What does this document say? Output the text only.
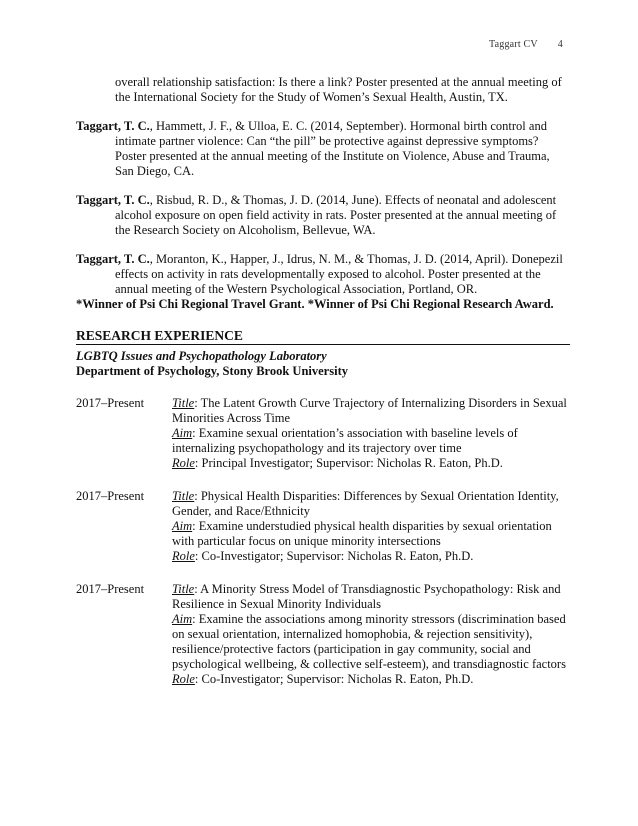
Taggart CV 4
overall relationship satisfaction: Is there a link? Poster presented at the annual meeting of the International Society for the Study of Women’s Sexual Health, Austin, TX.
Taggart, T. C., Hammett, J. F., & Ulloa, E. C. (2014, September). Hormonal birth control and intimate partner violence: Can “the pill” be protective against depressive symptoms? Poster presented at the annual meeting of the Institute on Violence, Abuse and Trauma, San Diego, CA.
Taggart, T. C., Risbud, R. D., & Thomas, J. D. (2014, June). Effects of neonatal and adolescent alcohol exposure on open field activity in rats. Poster presented at the annual meeting of the Research Society on Alcoholism, Bellevue, WA.
Taggart, T. C., Moranton, K., Happer, J., Idrus, N. M., & Thomas, J. D. (2014, April). Donepezil effects on activity in rats developmentally exposed to alcohol. Poster presented at the annual meeting of the Western Psychological Association, Portland, OR.
*Winner of Psi Chi Regional Travel Grant. *Winner of Psi Chi Regional Research Award.
RESEARCH EXPERIENCE
LGBTQ Issues and Psychopathology Laboratory
Department of Psychology, Stony Brook University
2017–Present	Title: The Latent Growth Curve Trajectory of Internalizing Disorders in Sexual Minorities Across Time
Aim: Examine sexual orientation’s association with baseline levels of internalizing psychopathology and its trajectory over time
Role: Principal Investigator; Supervisor: Nicholas R. Eaton, Ph.D.
2017–Present	Title: Physical Health Disparities: Differences by Sexual Orientation Identity, Gender, and Race/Ethnicity
Aim: Examine understudied physical health disparities by sexual orientation with particular focus on unique minority intersections
Role: Co-Investigator; Supervisor: Nicholas R. Eaton, Ph.D.
2017–Present	Title: A Minority Stress Model of Transdiagnostic Psychopathology: Risk and Resilience in Sexual Minority Individuals
Aim: Examine the associations among minority stressors (discrimination based on sexual orientation, internalized homophobia, & rejection sensitivity), resilience/protective factors (participation in gay community, social and psychological wellbeing, & collective self-esteem), and transdiagnostic factors
Role: Co-Investigator; Supervisor: Nicholas R. Eaton, Ph.D.
